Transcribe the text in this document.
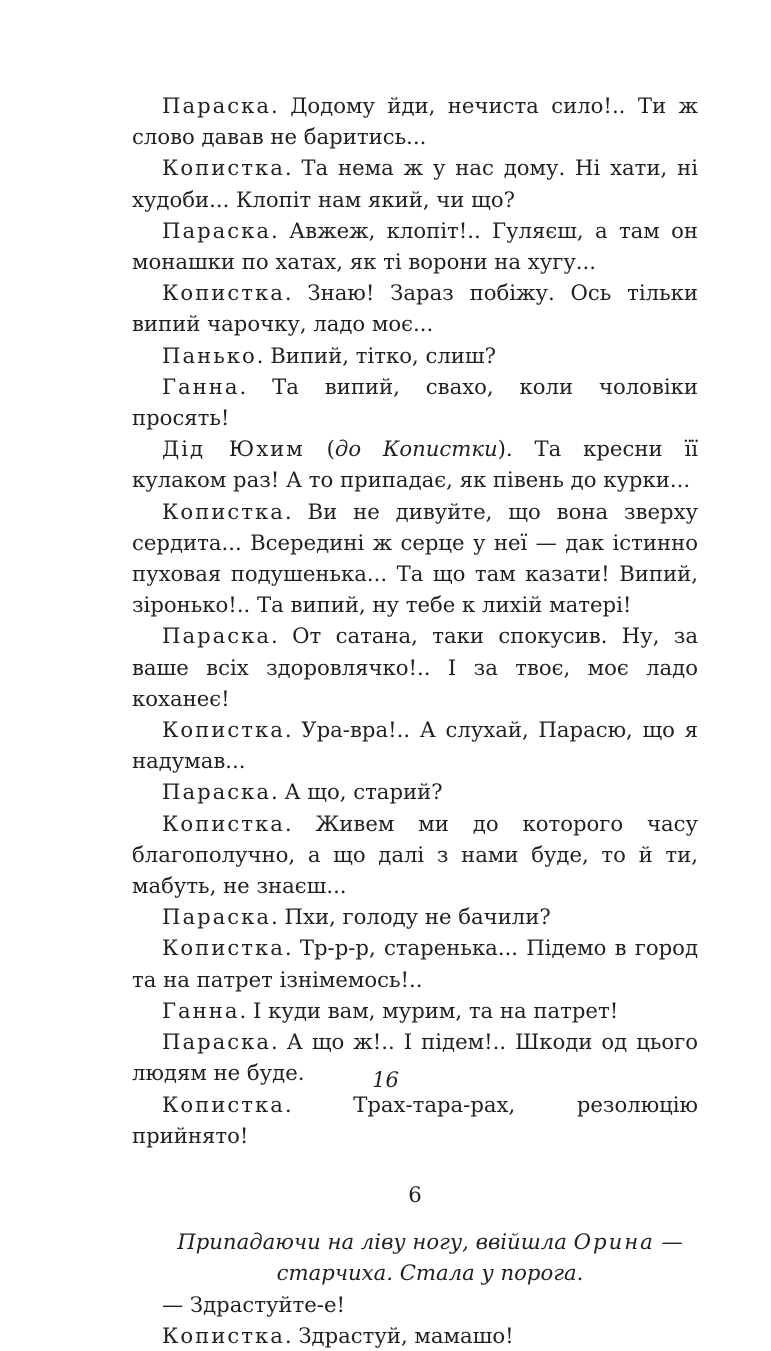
Параска. Додому йди, нечиста сило!.. Ти ж слово давав не баритись...
Копистка. Та нема ж у нас дому. Ні хати, ні худоби... Клопіт нам який, чи що?
Параска. Авжеж, клопіт!.. Гуляєш, а там он монашки по хатах, як ті ворони на хугу...
Копистка. Знаю! Зараз побіжу. Ось тільки випий чарочку, ладо моє...
Панько. Випий, тітко, слиш?
Ганна. Та випий, свахо, коли чоловіки просять!
Дід Юхим (до Копистки). Та кресни її кулаком раз! А то припадає, як півень до курки...
Копистка. Ви не дивуйте, що вона зверху сердита... Всередині ж серце у неї — дак істинно пуховая подушенька... Та що там казати! Випий, зіронько!.. Та випий, ну тебе к лихій матері!
Параска. От сатана, таки спокусив. Ну, за ваше всіх здоровлячко!.. І за твоє, моє ладо коханеє!
Копистка. Ура-вра!.. А слухай, Парасю, що я надумав...
Параска. А що, старий?
Копистка. Живем ми до которого часу благополучно, а що далі з нами буде, то й ти, мабуть, не знаєш...
Параска. Пхи, голоду не бачили?
Копистка. Тр-р-р, старенька... Підемо в город та на патрет ізнімемось!..
Ганна. І куди вам, мурим, та на патрет!
Параска. А що ж!.. І підем!.. Шкоди од цього людям не буде.
Копистка. Трах-тара-рах, резолюцію прийнято!
6
Припадаючи на ліву ногу, ввійшла Орина — старчиха. Стала у порога.
— Здрастуйте-е!
Копистка. Здрастуй, мамашо!
16
